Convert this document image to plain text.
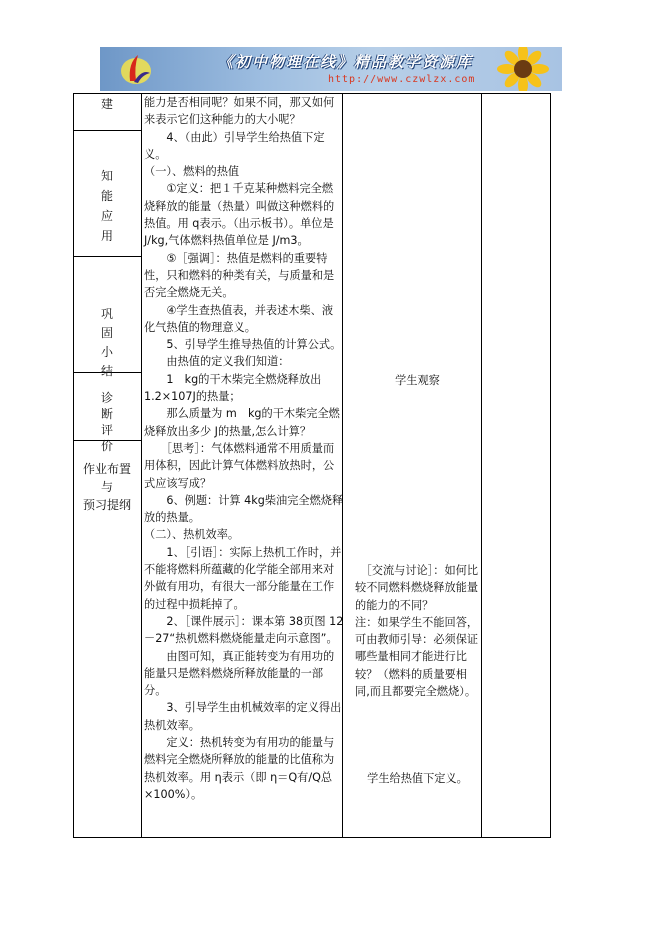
《初中物理在线》精品教学资源库
http://www.czwlzx.com
建

知
能
应
用

巩
固
小
结

诊
断
评
价

作业布置
与
预习提纲

能力是否相同呢？如果不同，那又如何来表示它们这种能力的大小呢？

　　4、（由此）引导学生给热值下定义。

（一）、燃料的热值

　　①定义：把１千克某种燃料完全燃烧释放的能量（热量）叫做这种燃料的热值。用 q表示。（出示板书）。单位是 J/kg,气体燃料热值单位是 J/m3。

　　⑤［强调］：热值是燃料的重要特性，只和燃料的种类有关，与质量和是否完全燃烧无关。

　　④学生查热值表，并表述木柴、液化气热值的物理意义。

　　5、引导学生推导热值的计算公式。

　　由热值的定义我们知道：

　　1　kg的干木柴完全燃烧释放出1.2×107J的热量；

　　那么质量为 m　kg的干木柴完全燃烧释放出多少 J的热量,怎么计算？

　　［思考］：气体燃料通常不用质量而用体积，因此计算气体燃料放热时，公式应该写成？

　　6、例题：计算 4kg柴油完全燃烧释放的热量。

（二）、热机效率。

　　1、［引语］：实际上热机工作时，并不能将燃料所蕴藏的化学能全部用来对外做有用功，有很大一部分能量在工作的过程中损耗掉了。

　　2、［课件展示］：课本第 38页图 12－27“热机燃料燃烧能量走向示意图”。

　　由图可知，真正能转变为有用功的能量只是燃料燃烧所释放能量的一部分。

　　3、引导学生由机械效率的定义得出热机效率。

　　定义：热机转变为有用功的能量与燃料完全燃烧所释放的能量的比值称为热机效率。用 η表示（即 η＝Q有/Q总×100%）。

学生观察

　［交流与讨论］：如何比较不同燃料燃烧释放能量的能力的不同？

注：如果学生不能回答，可由教师引导：必须保证哪些量相同才能进行比较？（燃料的质量要相同,而且都要完全燃烧）。

学生给热值下定义。
